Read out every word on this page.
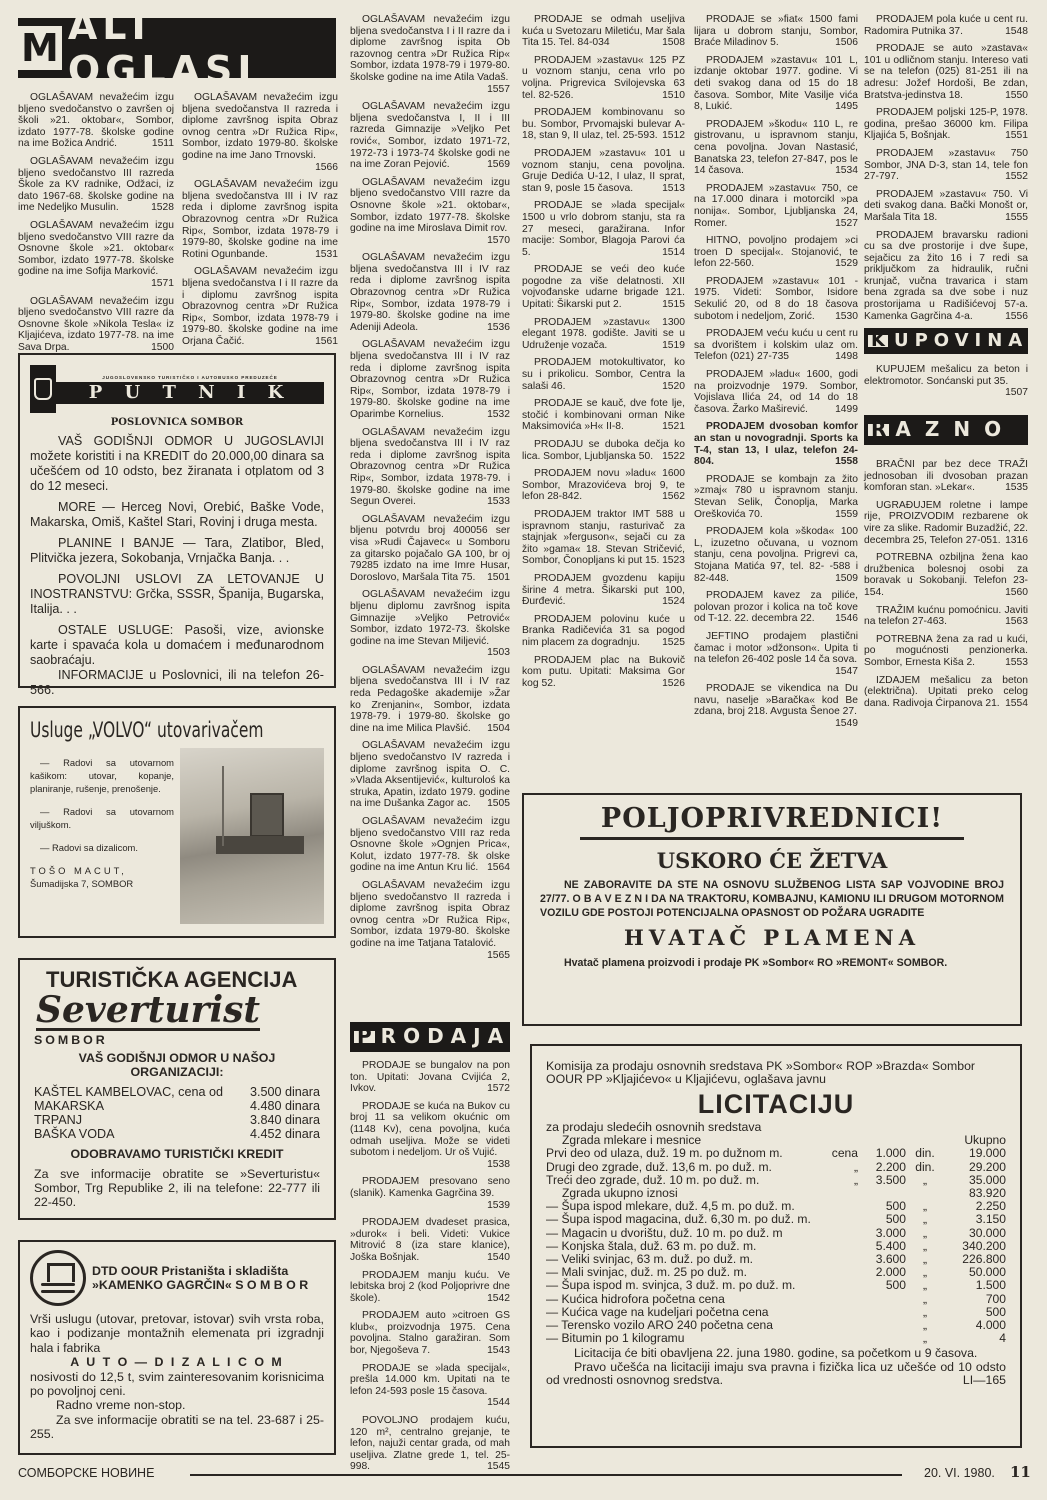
M ALI OGLASI
OGLAŠAVAM nevažećim izgu bljeno svedočanstvo o završen oj školi »21. oktobar«, Sombor, izdato 1977-78. školske godine na ime Božica Andrić.	1511
OGLAŠAVAM nevažećim izgu bljeno svedočanstvo III razreda Škole za KV radnike, Odžaci, iz dato 1967-68. školske godine na ime Nedeljko Musulin.	1528
OGLAŠAVAM nevažećim izgu bljeno svedočanstvo VIII razre da Osnovne škole »21. oktobar« Sombor, izdato 1977-78. školske godine na ime Sofija Marković.
1571
OGLAŠAVAM nevažećim izgu bljeno svedočanstvo VIII razre da Osnovne škole »Nikola Tesla« iz Kljajićeva, izdato 1977-78. na ime Sava Drpa.	1500
OGLAŠAVAM nevažećim izgu bljena svedočanstva II razreda i diplome završnog ispita Obraz ovnog centra »Dr Ružica Rip«, Sombor, izdato 1979-80. školske godine na ime Jano Trnovski.
1566
OGLAŠAVAM nevažećim izgu bljena svedočanstva III i IV raz reda i diplome završnog ispita Obrazovnog centra »Dr Ružica Rip«, Sombor, izdata 1978-79 i 1979-80, školske godine na ime Rotini Ogunbande.	1531
OGLAŠAVAM nevažećim izgu bljena svedočanstva I i II razre da i diplomu završnog ispita Obrazovnog centra »Dr Ružica Rip«, Sombor, izdata 1978-79 i 1979-80. školske godine na ime Orjana Čačić.	1561
OGLAŠAVAM nevažećim izgu bljena svedočanstva I i II razre da i diplome završnog ispita Ob razovnog centra »Dr Ružica Rip« Sombor, izdata 1978-79 i 1979-80. školske godine na ime Atila Vadaš.
1557
OGLAŠAVAM nevažećim izgu bljena svedočanstva I, II i III razreda Gimnazije »Veljko Pet rović«, Sombor, izdato 1971-72, 1972-73 i 1973-74 školske godi ne na ime Zoran Pejović.	1569
OGLAŠAVAM nevažećim izgu bljeno svedočanstvo VIII razre da Osnovne škole »21. oktobar«, Sombor, izdato 1977-78. školske godine na ime Miroslava Dimit rov.
1570
OGLAŠAVAM nevažećim izgu bljena svedočanstva III i IV raz reda i diplome završnog ispita Obrazovnog centra »Dr Ružica Rip«, Sombor, izdata 1978-79 i 1979-80. školske godine na ime Adeniji Adeola.	1536
OGLAŠAVAM nevažećim izgu bljena svedočanstva III i IV raz reda i diplome završnog ispita Obrazovnog centra »Dr Ružica Rip«, Sombor, izdata 1978-79 i 1979-80. školske godine na ime Oparimbe Kornelius.	1532
OGLAŠAVAM nevažećim izgu bljena svedočanstva III i IV raz reda i diplome završnog ispita Obrazovnog centra »Dr Ružica Rip«, Sombor, izdata 1978-79. i 1979-80. školske godine na ime Segun Overei.	1533
OGLAŠAVAM nevažećim izgu bljenu potvrdu broj 400056 ser visa »Rudi Čajavec« u Somboru za gitarsko pojačalo GA 100, br oj 79285 izdato na ime Imre Husar, Doroslovo, Maršala Tita 75. 1501
OGLAŠAVAM nevažećim izgu bljenu diplomu završnog ispita Gimnazije »Veljko Petrović« Sombor, izdato 1972-73. školske godine na ime Stevan Miljević.
1503
OGLAŠAVAM nevažećim izgu bljena svedočanstva III i IV raz reda Pedagoške akademije »Žar ko Zrenjanin«, Sombor, izdata 1978-79. i 1979-80. školske go dine na ime Milica Plavšić. 1504
OGLAŠAVAM nevažećim izgu bljeno svedočanstvo IV razreda i diplome završnog ispita O. C. »Vlada Aksentijević«, kulturoloś ka struka, Apatin, izdato 1979. godine na ime Dušanka Zagor ac. 1505
OGLAŠAVAM nevažećim izgu bljeno svedočanstvo VIII raz reda Osnovne škole »Ognjen Prica«, Kolut, izdato 1977-78. šk olske godine na ime Antun Kru lić. 1564
OGLAŠAVAM nevažećim izgu bljeno svedočanstvo II razreda i diplome završnog ispita Obraz ovnog centra »Dr Ružica Rip«, Sombor, izdata 1979-80. školske godine na ime Tatjana Tatalović.
1565
PRODAJE se odmah useljiva kuća u Svetozaru Miletiću, Mar šala Tita 15. Tel. 84-034	1508
PRODAJEM »zastavu« 125 PZ u voznom stanju, cena vrlo po voljna. Prigrevica Svilojevska 63 tel. 82-526.	1510
PRODAJEM kombinovanu so bu. Sombor, Prvomajski bulevar A-18, stan 9, II ulaz, tel. 25-593. 1512
PRODAJEM »zastavu« 101 u voznom stanju, cena povoljna. Gruje Dedića U-12, I ulaz, II sprat, stan 9, posle 15 časova.	1513
PRODAJE se »lada specijal« 1500 u vrlo dobrom stanju, sta ra 27 meseci, garažirana. Infor macije: Sombor, Blagoja Parovi ća 5.	1514
PRODAJE se veći deo kuće pogodne za više delatnosti. XII vojvođanske udarne brigade 121. Upitati: Šikarski put 2.	1515
PRODAJEM »zastavu« 1300 elegant 1978. godište. Javiti se u Udruženje vozača.	1519
PRODAJEM motokultivator, ko su i prikolicu. Sombor, Centra la salaši 46.	1520
PRODAJE se kauč, dve fote lje, stočić i kombinovani orman Nike Maksimovića »H« II-8.	1521
PRODAJU se duboka dečja ko lica. Sombor, Ljubljanska 50. 1522
PRODAJEM novu »ladu« 1600 Sombor, Mrazovićeva broj 9, te lefon 28-842.	1562
PRODAJEM traktor IMT 588 u ispravnom stanju, rasturivač za stajnjak »ferguson«, sejači cu za žito »gama« 18. Stevan Stričević, Sombor, Čonopljans ki put 15. 1523
PRODAJEM gvozdenu kapiju širine 4 metra. Šikarski put 100, Đurđević.	1524
PRODAJEM polovinu kuće u Branka Radičevića 31 sa pogod nim placem za dogradnju. 1525
PRODAJEM plac na Bukovič kom putu. Upitati: Maksima Gor kog 52.	1526
PRODAJE se »fiat« 1500 fami lijara u dobrom stanju, Sombor, Braće Miladinov 5.	1506
PRODAJEM »zastavu« 101 L, izdanje oktobar 1977. godine. Vi deti svakog dana od 15 do 18 časova. Sombor, Mite Vasilje vića 8, Lukić.	1495
PRODAJEM »škodu« 110 L, re gistrovanu, u ispravnom stanju, cena povoljna. Jovan Nastasić, Banatska 23, telefon 27-847, pos le 14 časova.	1534
PRODAJEM »zastavu« 750, ce na 17.000 dinara i motorcikl »pa nonija«. Sombor, Ljubljanska 24, Romer.	1527
HITNO, povoljno prodajem »ci troen D specijal«. Stojanović, te lefon 22-560.	1529
PRODAJEM »zastavu« 101 - 1975. Videti: Sombor, Isidore Sekulić 20, od 8 do 18 časova subotom i nedeljom, Zorić. 1530
PRODAJEM veću kuću u cent ru sa dvorištem i kolskim ulaz om. Telefon (021) 27-735	1498
PRODAJEM »ladu« 1600, godi na proizvodnje 1979. Sombor, Vojislava Ilića 24, od 14 do 18 časova. Žarko Maširević.	1499
PRODAJEM dvosoban komfor an stan u novogradnji. Sports ka T-4, stan 13, I ulaz, telefon 24-804.	1558
PRODAJE se kombajn za žito »zmaj« 780 u ispravnom stanju. Stevan Selik, Čonoplja, Marka Oreškovića 70.	1559
PRODAJEM kola »škoda« 100 L, izuzetno očuvana, u voznom stanju, cena povoljna. Prigrevi ca, Stojana Matića 97, tel. 82- -588 i 82-448.	1509
PRODAJEM kavez za piliće, polovan prozor i kolica na toč kove od T-12. 22. decembra 22. 1546
JEFTINO prodajem plastični čamac i motor »džonson«. Upita ti na telefon 26-402 posle 14 ča sova.
1547
PRODAJE se vikendica na Du navu, naselje »Baračka« kod Be zdana, broj 218. Avgusta Šenoe 27.
1549
PRODAJEM pola kuće u cent ru. Radomira Putnika 37.	1548
PRODAJE se auto »zastava« 101 u odličnom stanju. Intereso vati se na telefon (025) 81-251 ili na adresu: Jožef Hordoši, Be zdan, Bratstva-jedinstva 18.	1550
PRODAJEM poljski 125-P, 1978. godina, prešao 36000 km. Filipa Kljajića 5, Bošnjak.	1551
PRODAJEM »zastavu« 750 Sombor, JNA D-3, stan 14, tele fon 27-797.	1552
PRODAJEM »zastavu« 750. Vi deti svakog dana. Bački Monošt or, Maršala Tita 18.	1555
PRODAJEM bravarsku radioni cu sa dve prostorije i dve šupe, sejačicu za žito 16 i 7 redi sa priključkom za hidraulik, ručni krunjač, vučna travarica i stam bena zgrada sa dve sobe i nuz prostorijama u Radišićevoj 57-a. Kamenka Gagrčina 4-a.	1556
K UPOVINA
KUPUJEM mešalicu za beton i elektromotor. Sonćanski put 35.
1507
R AZNO
BRAČNI par bez dece TRAŽI jednosoban ili dvosoban prazan komforan stan. »Lekar«.	1535
UGRAĐUJEM roletne i lampe rije, PROIZVODIM rezbarene ok vire za slike. Radomir Buzadžić, 22. decembra 25, Telefon 27-051. 1316
POTREBNA ozbiljna žena kao družbenica bolesnoj osobi za boravak u Sokobanji. Telefon 23-154.	1560
TRAŽIM kućnu pomoćnicu. Javiti na telefon 27-463.	1563
POTREBNA žena za rad u kući, po mogućnosti penzionerka. Sombor, Ernesta Kiša 2.	1553
IZDAJEM mešalicu za beton (električna). Upitati preko celog dana. Radivoja Ćirpanova 21. 1554
P RODAJA
PRODAJE se bungalov na pon ton. Upitati: Jovana Cvijića 2, Ivkov.	1572
PRODAJE se kuća na Bukov cu broj 11 sa velikom okućnic om (1148 Kv), cena povoljna, kuća odmah useljiva. Može se videti subotom i nedeljom. Ur oš Vujić.
1538
PRODAJEM presovano seno (slanik). Kamenka Gagrčina 39.
1539
PRODAJEM dvadeset prasica, »durok« i beli. Videti: Vukice Mitrović 8 (iza stare klanice), Joška Bošnjak.	1540
PRODAJEM manju kuću. Ve lebitska broj 2 (kod Poljoprivre dne škole).	1542
PRODAJEM auto »citroen GS klub«, proizvodnja 1975. Cena povoljna. Stalno garažiran. Som bor, Njegoševa 7.	1543
PRODAJE se »lada specijal«, prešla 14.000 km. Upitati na te lefon 24-593 posle 15 časova.
1544
POVOLJNO prodajem kuću, 120 m², centralno grejanje, te lefon, najuži centar grada, od mah useljiva. Zlatne grede 1, tel. 25-998.	1545
JUGOSLOVENSKO TURISTIČKO I AUTOBUSKO PREDUZEĆE
P U T N I K
POSLOVNICA SOMBOR
VAŠ GODIŠNJI ODMOR U JUGOSLAVIJI možete koristiti i na KREDIT do 20.000,00 dinara sa učešćem od 10 odsto, bez žiranata i otplatom od 3 do 12 meseci.
MORE — Herceg Novi, Orebić, Baške Vode, Makarska, Omiš, Kaštel Stari, Rovinj i druga mesta.
PLANINE I BANJE — Tara, Zlatibor, Bled, Plitvička jezera, Sokobanja, Vrnjačka Banja. . .
POVOLJNI USLOVI ZA LETOVANJE U INOSTRANSTVU: Grčka, SSSR, Španija, Bugarska, Italija. . .
OSTALE USLUGE: Pasoši, vize, avionske karte i spavaća kola u domaćem i međunarodnom saobraćaju.
INFORMACIJE u Poslovnici, ili na telefon 26-566.
Usluge „VOLVO“ utovarivačem
— Radovi sa utovarnom kašikom: utovar, kopanje, planiranje, rušenje, prenošenje.
— Radovi sa utovarnom viljuškom.
— Radovi sa dizalicom.
TOŠO MACUT,
Šumadijska 7, SOMBOR
TURISTIČKA AGENCIJA
Severturist
SOMBOR
VAŠ GODIŠNJI ODMOR U NAŠOJ ORGANIZACIJI:
KAŠTEL KAMBELOVAC, cena od	3.500 dinara
MAKARSKA	4.480 dinara
TRPANJ	3.840 dinara
BAŠKA VODA	4.452 dinara
ODOBRAVAMO TURISTIČKI KREDIT
Za sve informacije obratite se »Severturistu« Sombor, Trg Republike 2, ili na telefone: 22-777 ili 22-450.
DTD OOUR Pristaništa i skladišta
»KAMENKO GAGRČIN« S O M B O R
Vrši uslugu (utovar, pretovar, istovar) svih vrsta roba, kao i podizanje montažnih elemenata pri izgradnji hala i fabrika
A U T O — D I Z A L I C O M
nosivosti do 12,5 t, svim zainteresovanim korisnicima po povoljnoj ceni.
Radno vreme non-stop.
Za sve informacije obratiti se na tel. 23-687 i 25-255.
POLJOPRIVREDNICI!
USKORO ĆE ŽETVA
NE ZABORAVITE DA STE NA OSNOVU SLUŽBENOG LISTA SAP VOJVODINE BROJ 27/77. O B A V E Z N I DA NA TRAKTORU, KOMBAJNU, KAMIONU ILI DRUGOM MOTORNOM VOZILU GDE POSTOJI POTENCIJALNA OPASNOST OD POŽARA UGRADITE
HVATAČ PLAMENA
Hvatač plamena proizvodi i prodaje PK »Sombor« RO »REMONT« SOMBOR.
Komisija za prodaju osnovnih sredstava PK »Sombor« ROP »Brazda« Sombor OOUR PP »Kljajićevo« u Kljajićevu, oglašava javnu
LICITACIJU
za prodaju sledećih osnovnih sredstava
Zgrada mlekare i mesnice				Ukupno
Prvi deo od ulaza, duž. 19 m. po dužnom m.	cena	1.000	din.	19.000
Drugi deo zgrade, duž. 13,6 m. po duž. m.	„	2.200	din.	29.200
Treći deo zgrade, duž. 10 m. po duž. m.	„	3.500	„	35.000
Zgrada ukupno iznosi				83.920
— Šupa ispod mlekare, duž. 4,5 m. po duž. m.		500	„	2.250
— Šupa ispod magacina, duž. 6,30 m. po duž. m.		500	„	3.150
— Magacin u dvorištu, duž. 10 m. po duž. m		3.000	„	30.000
— Konjska štala, duž. 63 m. po duž. m.		5.400	„	340.200
— Veliki svinjac, 63 m. duž. po duž. m.		3.600	„	226.800
— Mali svinjac, duž. m. 25 po duž. m.		2.000	„	50.000
— Šupa ispod m. svinjca, 3 duž. m. po duž. m.		500	„	1.500
— Kućica hidrofora početna cena			„	700
— Kućica vage na kudeljari početna cena			„	500
— Terensko vozilo ARO 240 početna cena			„	4.000
— Bitumin po 1 kilogramu			„	4
Licitacija će biti obavljena 22. juna 1980. godine, sa početkom u 9 časova.
Pravo učešća na licitaciji imaju sva pravna i fizička lica uz učešće od 10 odsto od vrednosti osnovnog sredstva.	LI—165
СОМБОРСКЕ НОВИНЕ	20. VI. 1980. 11
